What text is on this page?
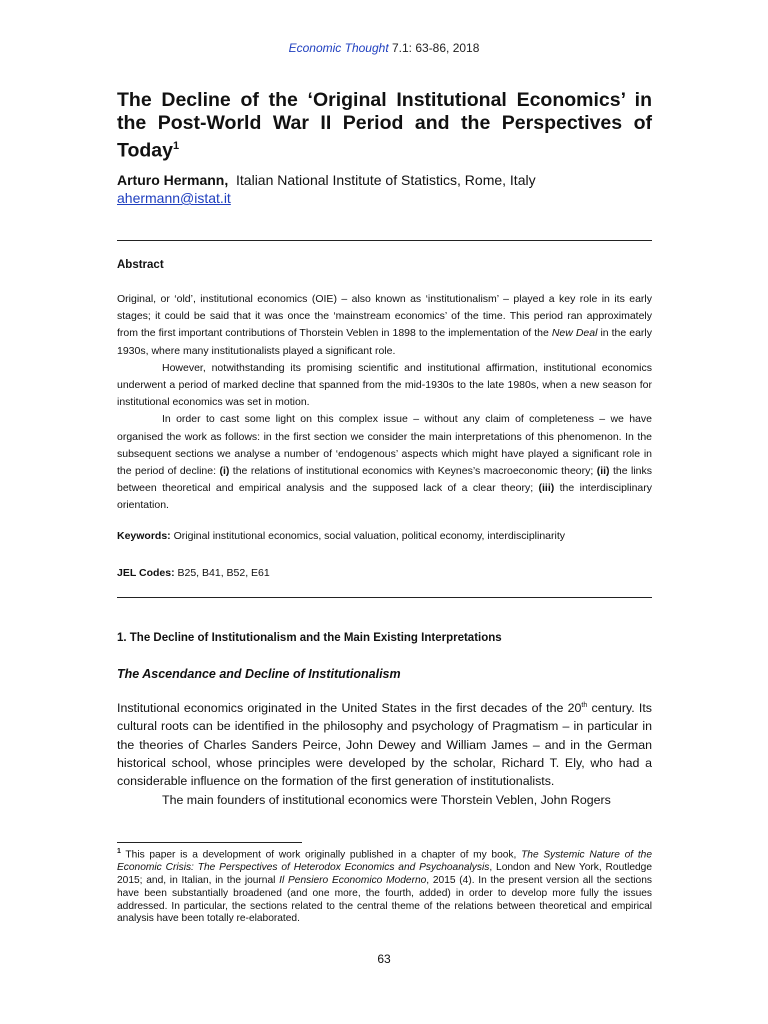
Economic Thought 7.1: 63-86, 2018
The Decline of the ‘Original Institutional Economics’ in the Post-World War II Period and the Perspectives of Today$^1$
Arturo Hermann, Italian National Institute of Statistics, Rome, Italy
ahermann@istat.it
Abstract

Original, or ‘old’, institutional economics (OIE) – also known as ‘institutionalism’ – played a key role in its early stages; it could be said that it was once the ‘mainstream economics’ of the time. This period ran approximately from the first important contributions of Thorstein Veblen in 1898 to the implementation of the New Deal in the early 1930s, where many institutionalists played a significant role.

However, notwithstanding its promising scientific and institutional affirmation, institutional economics underwent a period of marked decline that spanned from the mid-1930s to the late 1980s, when a new season for institutional economics was set in motion.

In order to cast some light on this complex issue – without any claim of completeness – we have organised the work as follows: in the first section we consider the main interpretations of this phenomenon. In the subsequent sections we analyse a number of ‘endogenous’ aspects which might have played a significant role in the period of decline: (i) the relations of institutional economics with Keynes’s macroeconomic theory; (ii) the links between theoretical and empirical analysis and the supposed lack of a clear theory; (iii) the interdisciplinary orientation.

Keywords: Original institutional economics, social valuation, political economy, interdisciplinarity
JEL Codes: B25, B41, B52, E61
1. The Decline of Institutionalism and the Main Existing Interpretations
The Ascendance and Decline of Institutionalism

Institutional economics originated in the United States in the first decades of the 20th century. Its cultural roots can be identified in the philosophy and psychology of Pragmatism – in particular in the theories of Charles Sanders Peirce, John Dewey and William James – and in the German historical school, whose principles were developed by the scholar, Richard T. Ely, who had a considerable influence on the formation of the first generation of institutionalists.

The main founders of institutional economics were Thorstein Veblen, John Rogers

$^1$ This paper is a development of work originally published in a chapter of my book, The Systemic Nature of the Economic Crisis: The Perspectives of Heterodox Economics and Psychoanalysis, London and New York, Routledge 2015; and, in Italian, in the journal Il Pensiero Economico Moderno, 2015 (4). In the present version all the sections have been substantially broadened (and one more, the fourth, added) in order to develop more fully the issues addressed. In particular, the sections related to the central theme of the relations between theoretical and empirical analysis have been totally re-elaborated.
63
